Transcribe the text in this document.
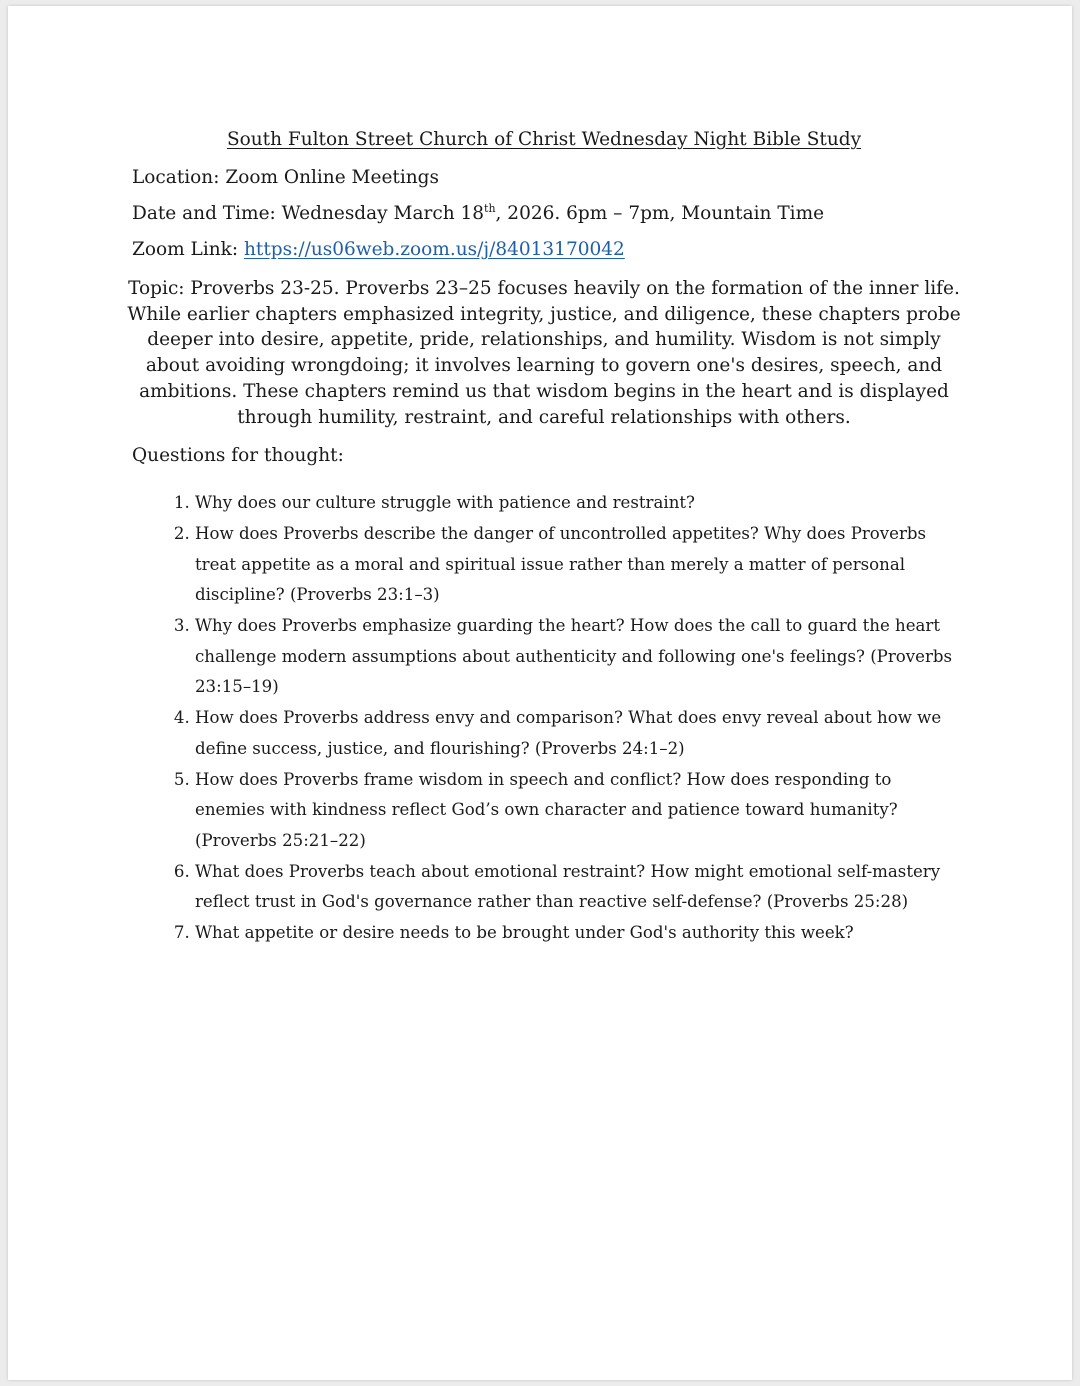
South Fulton Street Church of Christ Wednesday Night Bible Study
Location: Zoom Online Meetings
Date and Time: Wednesday March 18th, 2026. 6pm – 7pm, Mountain Time
Zoom Link: https://us06web.zoom.us/j/84013170042
Topic: Proverbs 23-25. Proverbs 23–25 focuses heavily on the formation of the inner life. While earlier chapters emphasized integrity, justice, and diligence, these chapters probe deeper into desire, appetite, pride, relationships, and humility. Wisdom is not simply about avoiding wrongdoing; it involves learning to govern one's desires, speech, and ambitions. These chapters remind us that wisdom begins in the heart and is displayed through humility, restraint, and careful relationships with others.
Questions for thought:
1. Why does our culture struggle with patience and restraint?
2. How does Proverbs describe the danger of uncontrolled appetites? Why does Proverbs treat appetite as a moral and spiritual issue rather than merely a matter of personal discipline? (Proverbs 23:1–3)
3. Why does Proverbs emphasize guarding the heart? How does the call to guard the heart challenge modern assumptions about authenticity and following one's feelings? (Proverbs 23:15–19)
4. How does Proverbs address envy and comparison? What does envy reveal about how we define success, justice, and flourishing? (Proverbs 24:1–2)
5. How does Proverbs frame wisdom in speech and conflict? How does responding to enemies with kindness reflect God’s own character and patience toward humanity? (Proverbs 25:21–22)
6. What does Proverbs teach about emotional restraint? How might emotional self-mastery reflect trust in God's governance rather than reactive self-defense? (Proverbs 25:28)
7. What appetite or desire needs to be brought under God's authority this week?
